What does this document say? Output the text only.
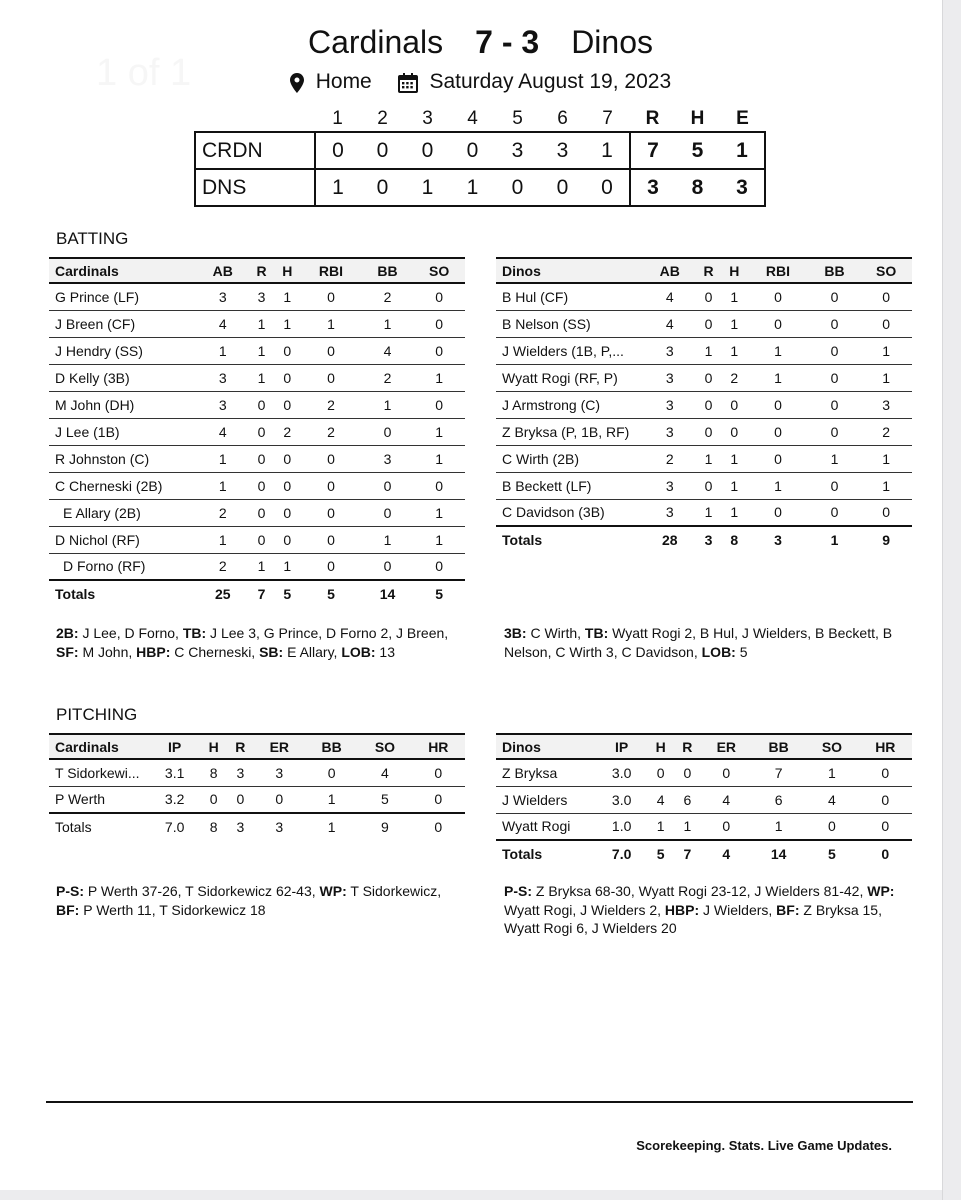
1 of 1
Cardinals 7 - 3 Dinos
Home	Saturday August 19, 2023
	1	2	3	4	5	6	7	R	H	E
CRDN	0	0	0	0	3	3	1	7	5	1
DNS	1	0	1	1	0	0	0	3	8	3
BATTING
Cardinals	AB	R	H	RBI	BB	SO
G Prince (LF)	3	3	1	0	2	0
J Breen (CF)	4	1	1	1	1	0
J Hendry (SS)	1	1	0	0	4	0
D Kelly (3B)	3	1	0	0	2	1
M John (DH)	3	0	0	2	1	0
J Lee (1B)	4	0	2	2	0	1
R Johnston (C)	1	0	0	0	3	1
C Cherneski (2B)	1	0	0	0	0	0
E Allary (2B)	2	0	0	0	0	1
D Nichol (RF)	1	0	0	0	1	1
D Forno (RF)	2	1	1	0	0	0
Totals	25	7	5	5	14	5
Dinos	AB	R	H	RBI	BB	SO
B Hul (CF)	4	0	1	0	0	0
B Nelson (SS)	4	0	1	0	0	0
J Wielders (1B, P,...	3	1	1	1	0	1
Wyatt Rogi (RF, P)	3	0	2	1	0	1
J Armstrong (C)	3	0	0	0	0	3
Z Bryksa (P, 1B, RF)	3	0	0	0	0	2
C Wirth (2B)	2	1	1	0	1	1
B Beckett (LF)	3	0	1	1	0	1
C Davidson (3B)	3	1	1	0	0	0
Totals	28	3	8	3	1	9
2B: J Lee, D Forno, TB: J Lee 3, G Prince, D Forno 2, J Breen, SF: M John, HBP: C Cherneski, SB: E Allary, LOB: 13
3B: C Wirth, TB: Wyatt Rogi 2, B Hul, J Wielders, B Beckett, B Nelson, C Wirth 3, C Davidson, LOB: 5
PITCHING
Cardinals	IP	H	R	ER	BB	SO	HR
T Sidorkewi...	3.1	8	3	3	0	4	0
P Werth	3.2	0	0	0	1	5	0
Totals	7.0	8	3	3	1	9	0
Dinos	IP	H	R	ER	BB	SO	HR
Z Bryksa	3.0	0	0	0	7	1	0
J Wielders	3.0	4	6	4	6	4	0
Wyatt Rogi	1.0	1	1	0	1	0	0
Totals	7.0	5	7	4	14	5	0
P-S: P Werth 37-26, T Sidorkewicz 62-43, WP: T Sidorkewicz, BF: P Werth 11, T Sidorkewicz 18
P-S: Z Bryksa 68-30, Wyatt Rogi 23-12, J Wielders 81-42, WP: Wyatt Rogi, J Wielders 2, HBP: J Wielders, BF: Z Bryksa 15, Wyatt Rogi 6, J Wielders 20
Scorekeeping. Stats. Live Game Updates.
